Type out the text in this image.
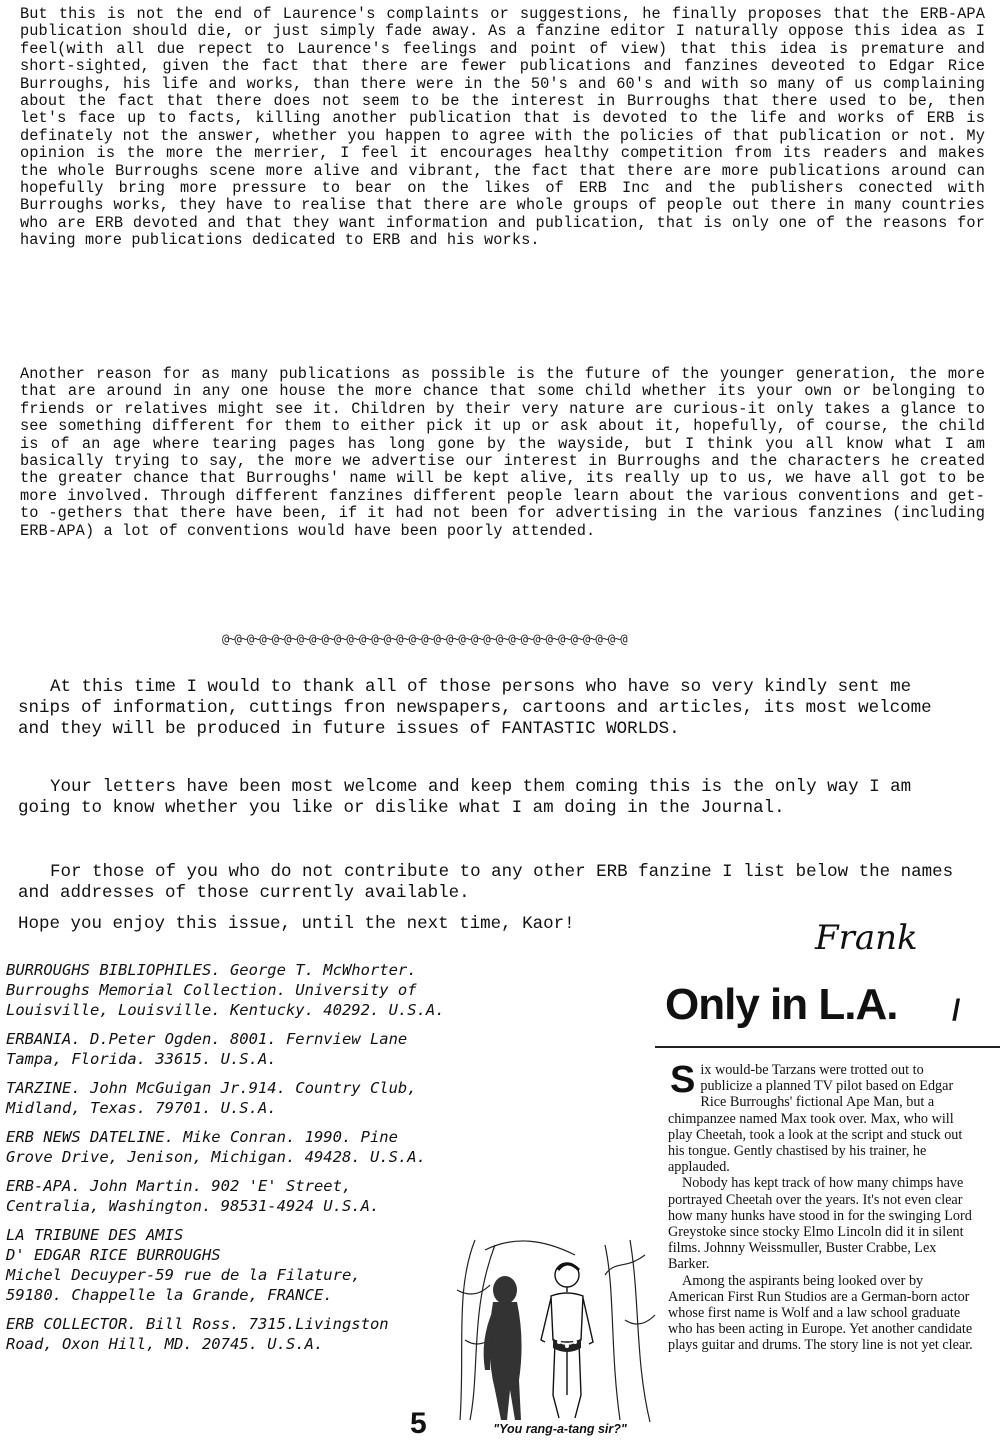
But this is not the end of Laurence's complaints or suggestions, he finally proposes that the ERB-APA publication should die, or just simply fade away. As a fanzine editor I naturally oppose this idea as I feel(with all due repect to Laurence's feelings and point of view) that this idea is premature and short-sighted, given the fact that there are fewer publications and fanzines deveoted to Edgar Rice Burroughs, his life and works, than there were in the 50's and 60's and with so many of us complaining about the fact that there does not seem to be the interest in Burroughs that there used to be, then let's face up to facts, killing another publication that is devoted to the life and works of ERB is definately not the answer, whether you happen to agree with the policies of that publication or not. My opinion is the more the merrier, I feel it encourages healthy competition from its readers and makes the whole Burroughs scene more alive and vibrant, the fact that there are more publications around can hopefully bring more pressure to bear on the likes of ERB Inc and the publishers conected with Burroughs works, they have to realise that there are whole groups of people out there in many countries who are ERB devoted and that they want information and publication, that is only one of the reasons for having more publications dedicated to ERB and his works.

Another reason for as many publications as possible is the future of the younger generation, the more that are around in any one house the more chance that some child whether its your own or belonging to friends or relatives might see it. Children by their very nature are curious-it only takes a glance to see something different for them to either pick it up or ask about it, hopefully, of course, the child is of an age where tearing pages has long gone by the wayside, but I think you all know what I am basically trying to say, the more we advertise our interest in Burroughs and the characters he created the greater chance that Burroughs' name will be kept alive, its really up to us, we have all got to be more involved. Through different fanzines different people learn about the various conventions and get-to -gethers that there have been, if it had not been for advertising in the various fanzines (including ERB-APA) a lot of conventions would have been poorly attended.

@~@~@~@~@~@~@~@~@~@~@~@~@~@~@~@~@~@~@~@~@~@~@~@~@~@~@~@~@~@~@~@~@

At this time I would to thank all of those persons who have so very kindly sent me snips of information, cuttings fron newspapers, cartoons and articles, its most welcome and they will be produced in future issues of FANTASTIC WORLDS.

Your letters have been most welcome and keep them coming this is the only way I am going to know whether you like or dislike what I am doing in the Journal.

For those of you who do not contribute to any other ERB fanzine I list below the names and addresses of those currently available.

Hope you enjoy this issue, until the next time, Kaor!	Frank
BURROUGHS BIBLIOPHILES. George T. McWhorter.
Burroughs Memorial Collection. University of
Louisville, Louisville. Kentucky. 40292. U.S.A.
ERBANIA. D.Peter Ogden. 8001. Fernview Lane
Tampa, Florida. 33615. U.S.A.
TARZINE. John McGuigan Jr.914. Country Club,
Midland, Texas. 79701. U.S.A.
ERB NEWS DATELINE. Mike Conran. 1990. Pine
Grove Drive, Jenison, Michigan. 49428. U.S.A.
ERB-APA. John Martin. 902 'E' Street,
Centralia, Washington. 98531-4924 U.S.A.
LA TRIBUNE DES AMIS
D' EDGAR RICE BURROUGHS
Michel Decuyper-59 rue de la Filature,
59180. Chappelle la Grande, FRANCE.
ERB COLLECTOR. Bill Ross. 7315.Livingston
Road, Oxon Hill, MD. 20745. U.S.A.
"You rang-a-tang sir?"
5
Only in L.A. /

Six would-be Tarzans were trotted out to publicize a planned TV pilot based on Edgar Rice Burroughs' fictional Ape Man, but a chimpanzee named Max took over. Max, who will play Cheetah, took a look at the script and stuck out his tongue. Gently chastised by his trainer, he applauded.

Nobody has kept track of how many chimps have portrayed Cheetah over the years. It's not even clear how many hunks have stood in for the swinging Lord Greystoke since stocky Elmo Lincoln did it in silent films. Johnny Weissmuller, Buster Crabbe, Lex Barker.

Among the aspirants being looked over by American First Run Studios are a German-born actor whose first name is Wolf and a law school graduate who has been acting in Europe. Yet another candidate plays guitar and drums. The story line is not yet clear.
